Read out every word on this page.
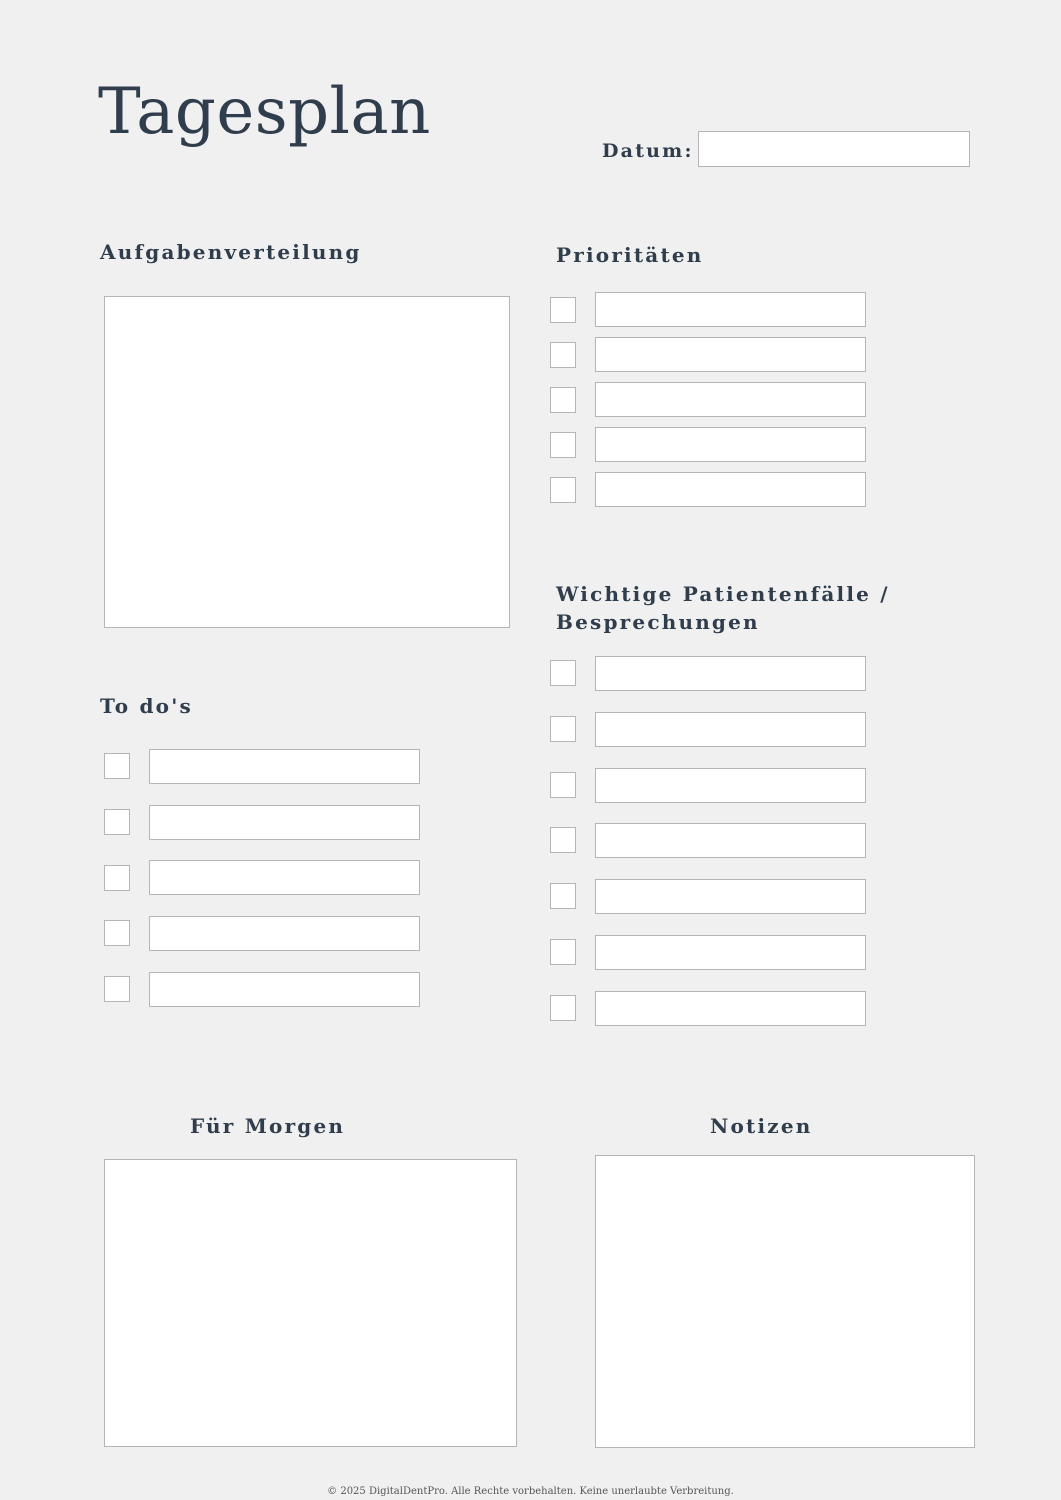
Tagesplan
Datum:
Aufgabenverteilung	Prioritäten
Wichtige Patientenfälle /
Besprechungen
To do's
Für Morgen	Notizen
© 2025 DigitalDentPro. Alle Rechte vorbehalten. Keine unerlaubte Verbreitung.
